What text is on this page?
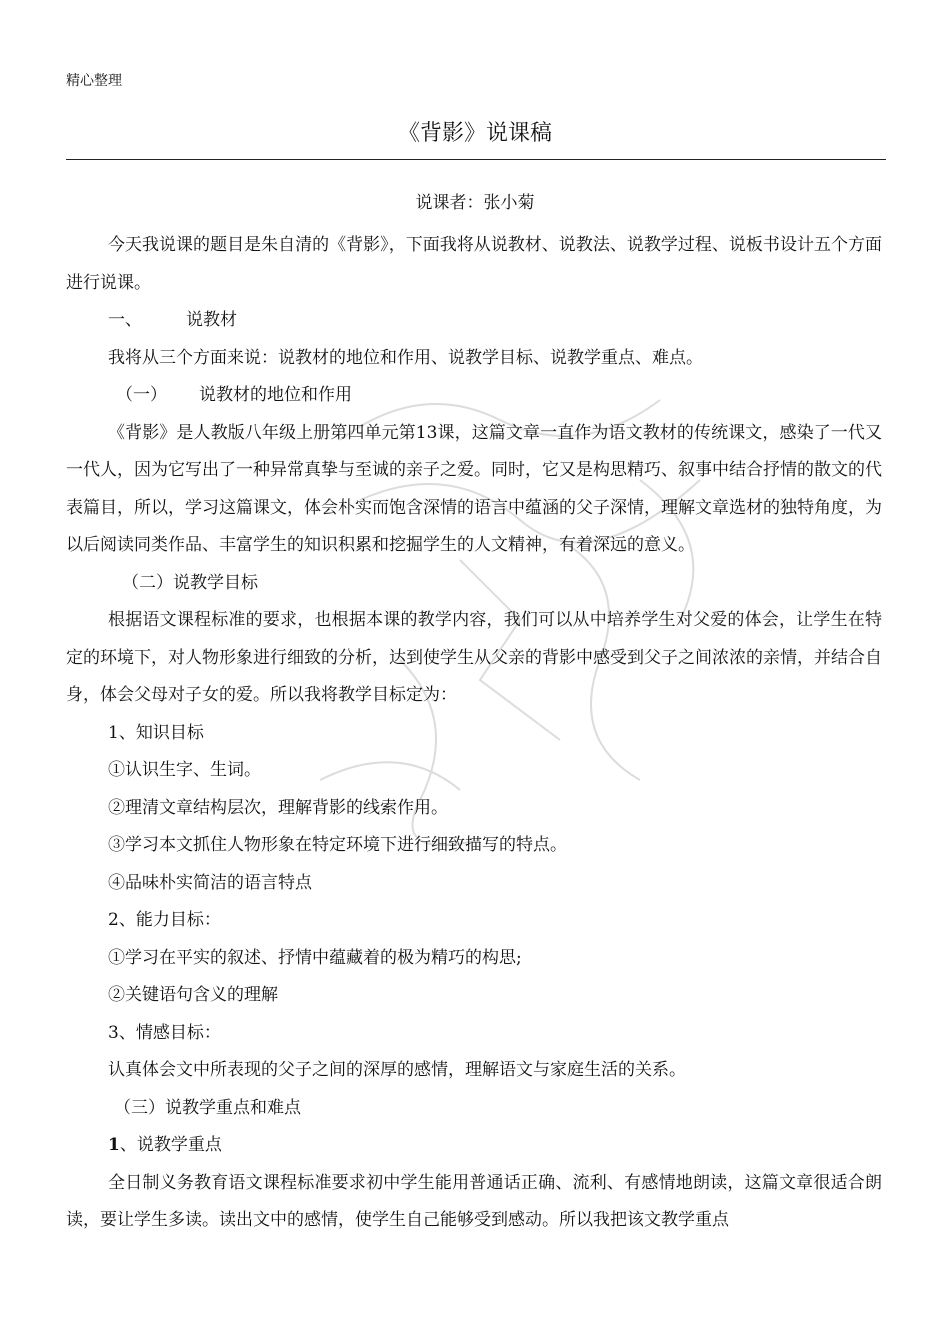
精心整理
《背影》说课稿
说课者：张小菊

今天我说课的题目是朱自清的《背影》，下面我将从说教材、说教法、说教学过程、说板书设计五个方面进行说课。

一、	说教材

我将从三个方面来说：说教材的地位和作用、说教学目标、说教学重点、难点。

（一） 说教材的地位和作用

《背影》是人教版八年级上册第四单元第13课，这篇文章一直作为语文教材的传统课文，感染了一代又一代人，因为它写出了一种异常真挚与至诚的亲子之爱。同时，它又是构思精巧、叙事中结合抒情的散文的代表篇目，所以，学习这篇课文，体会朴实而饱含深情的语言中蕴涵的父子深情，理解文章选材的独特角度，为以后阅读同类作品、丰富学生的知识积累和挖掘学生的人文精神，有着深远的意义。

（二）说教学目标

根据语文课程标准的要求，也根据本课的教学内容，我们可以从中培养学生对父爱的体会，让学生在特定的环境下，对人物形象进行细致的分析，达到使学生从父亲的背影中感受到父子之间浓浓的亲情，并结合自身，体会父母对子女的爱。所以我将教学目标定为：

1、知识目标

①认识生字、生词。

②理清文章结构层次，理解背影的线索作用。

③学习本文抓住人物形象在特定环境下进行细致描写的特点。

④品味朴实简洁的语言特点

2、能力目标：

①学习在平实的叙述、抒情中蕴藏着的极为精巧的构思;

②关键语句含义的理解

3、情感目标：

认真体会文中所表现的父子之间的深厚的感情，理解语文与家庭生活的关系。

（三）说教学重点和难点

1、说教学重点

全日制义务教育语文课程标准要求初中学生能用普通话正确、流利、有感情地朗读，这篇文章很适合朗读，要让学生多读。读出文中的感情，使学生自己能够受到感动。所以我把该文教学重点
